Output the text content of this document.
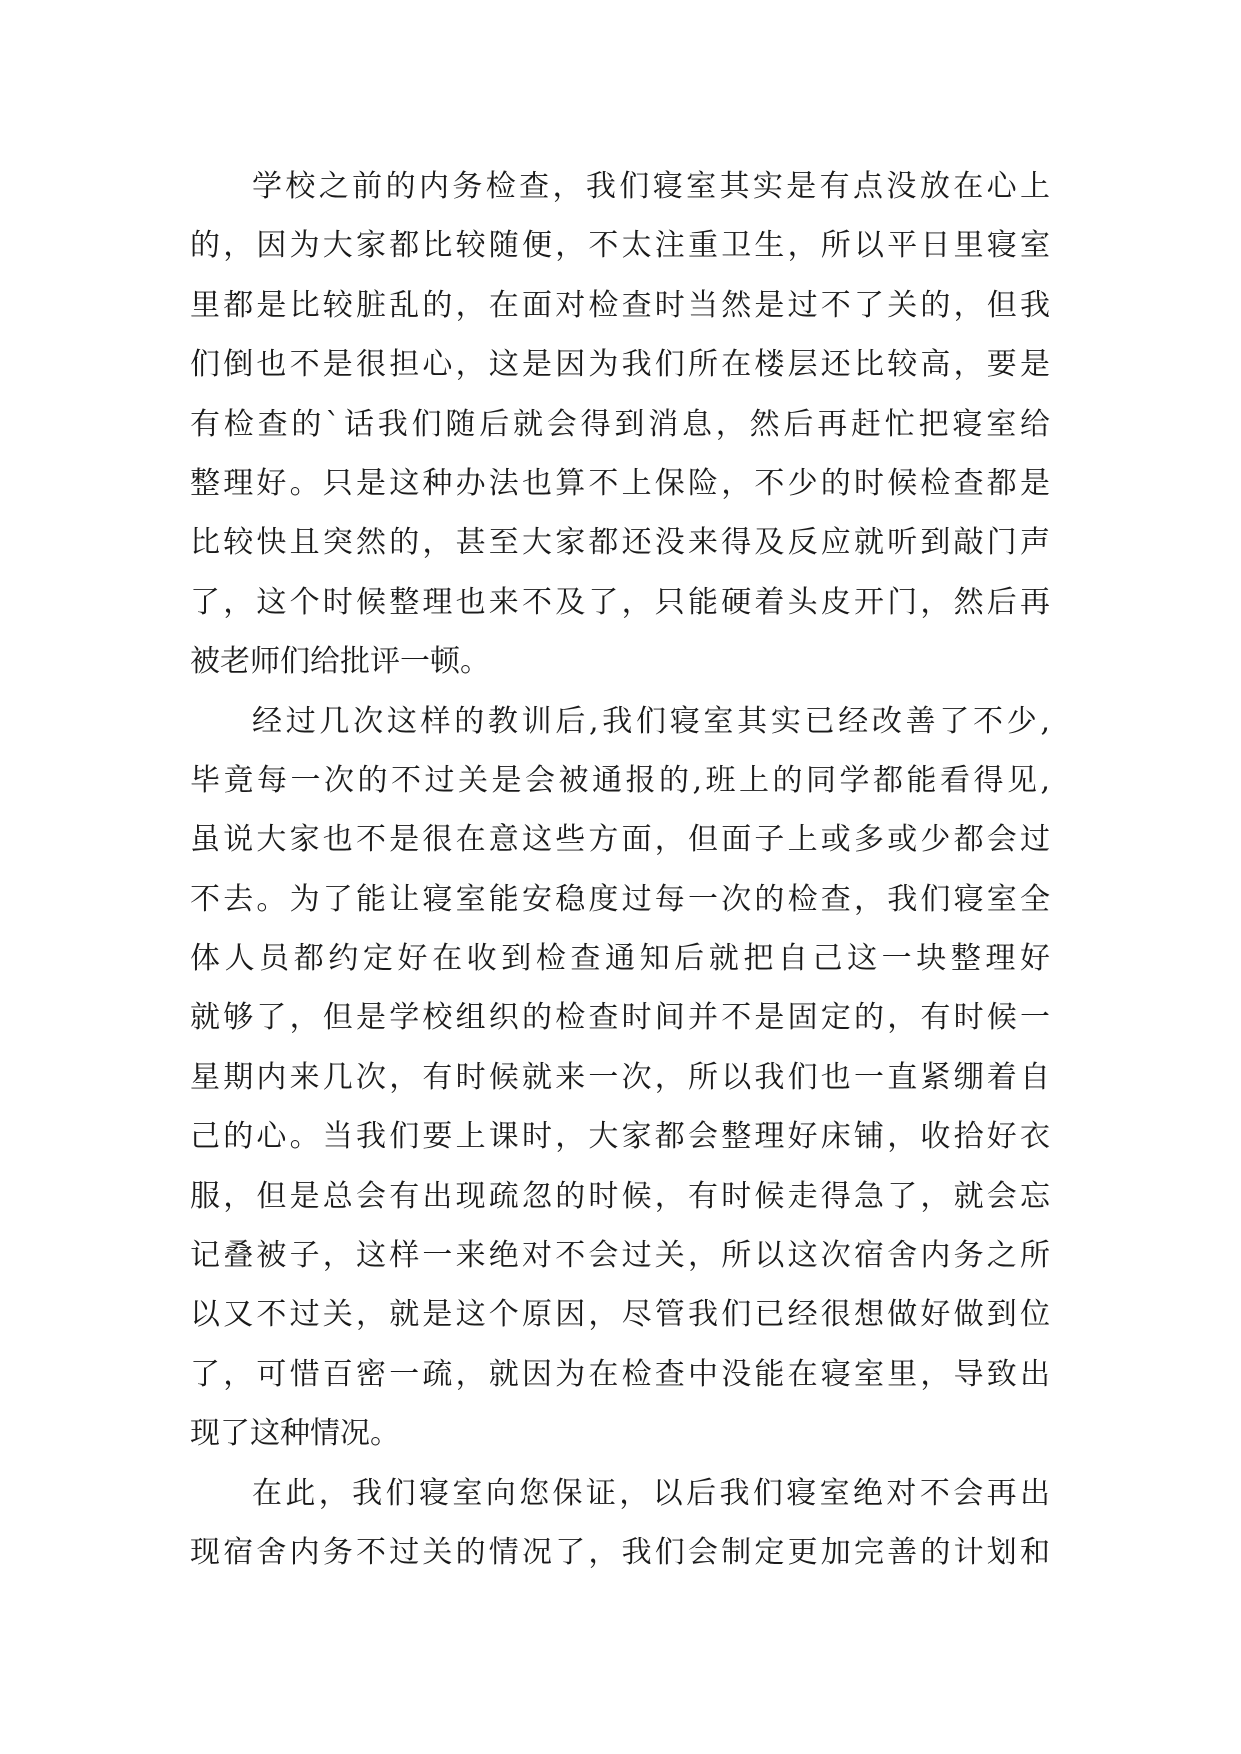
学校之前的内务检查，我们寝室其实是有点没放在心上
的，因为大家都比较随便，不太注重卫生，所以平日里寝室
里都是比较脏乱的，在面对检查时当然是过不了关的，但我
们倒也不是很担心，这是因为我们所在楼层还比较高，要是
有检查的`话我们随后就会得到消息，然后再赶忙把寝室给
整理好。只是这种办法也算不上保险，不少的时候检查都是
比较快且突然的，甚至大家都还没来得及反应就听到敲门声
了，这个时候整理也来不及了，只能硬着头皮开门，然后再
被老师们给批评一顿。
经过几次这样的教训后,我们寝室其实已经改善了不少,
毕竟每一次的不过关是会被通报的,班上的同学都能看得见,
虽说大家也不是很在意这些方面，但面子上或多或少都会过
不去。为了能让寝室能安稳度过每一次的检查，我们寝室全
体人员都约定好在收到检查通知后就把自己这一块整理好
就够了，但是学校组织的检查时间并不是固定的，有时候一
星期内来几次，有时候就来一次，所以我们也一直紧绷着自
己的心。当我们要上课时，大家都会整理好床铺，收拾好衣
服，但是总会有出现疏忽的时候，有时候走得急了，就会忘
记叠被子，这样一来绝对不会过关，所以这次宿舍内务之所
以又不过关，就是这个原因，尽管我们已经很想做好做到位
了，可惜百密一疏，就因为在检查中没能在寝室里，导致出
现了这种情况。
在此，我们寝室向您保证，以后我们寝室绝对不会再出
现宿舍内务不过关的情况了，我们会制定更加完善的计划和
